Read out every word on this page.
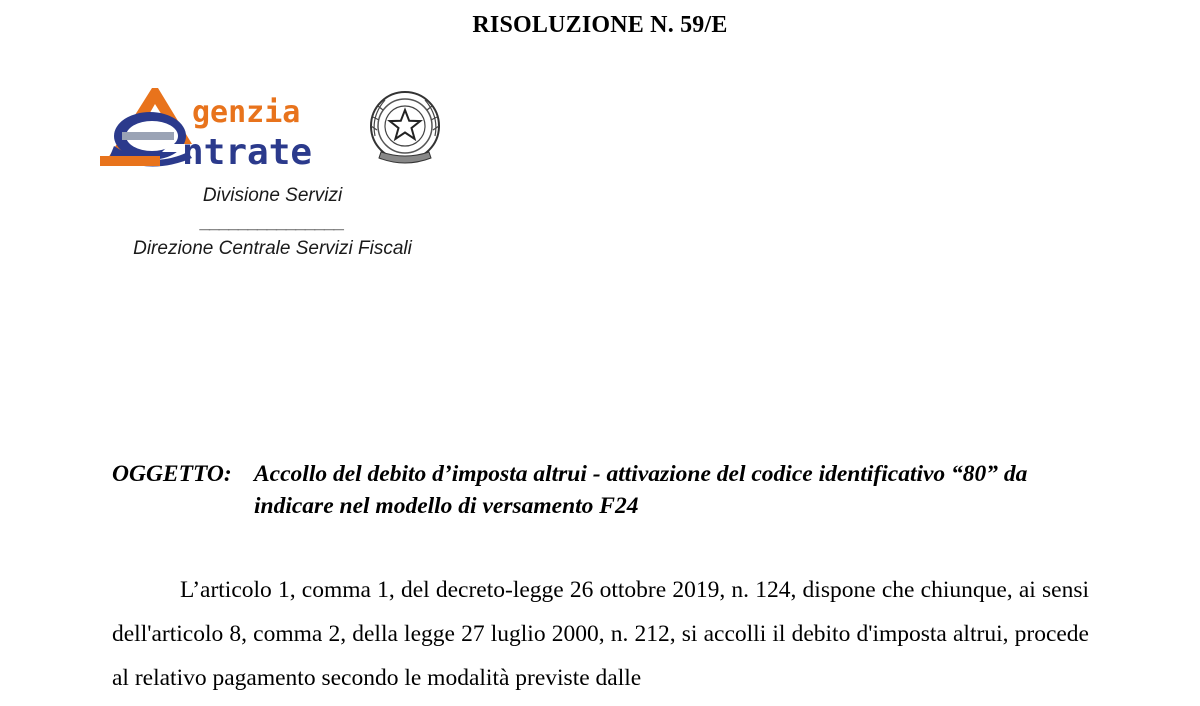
RISOLUZIONE N. 59/E
genzia
ntrate
Divisione Servizi
_______________
Direzione Centrale Servizi Fiscali
OGGETTO: Accollo del debito d’imposta altrui - attivazione del codice identificativo “80” da indicare nel modello di versamento F24
L’articolo 1, comma 1, del decreto-legge 26 ottobre 2019, n. 124, dispone che chiunque, ai sensi dell'articolo 8, comma 2, della legge 27 luglio 2000, n. 212, si accolli il debito d'imposta altrui, procede al relativo pagamento secondo le modalità previste dalle
